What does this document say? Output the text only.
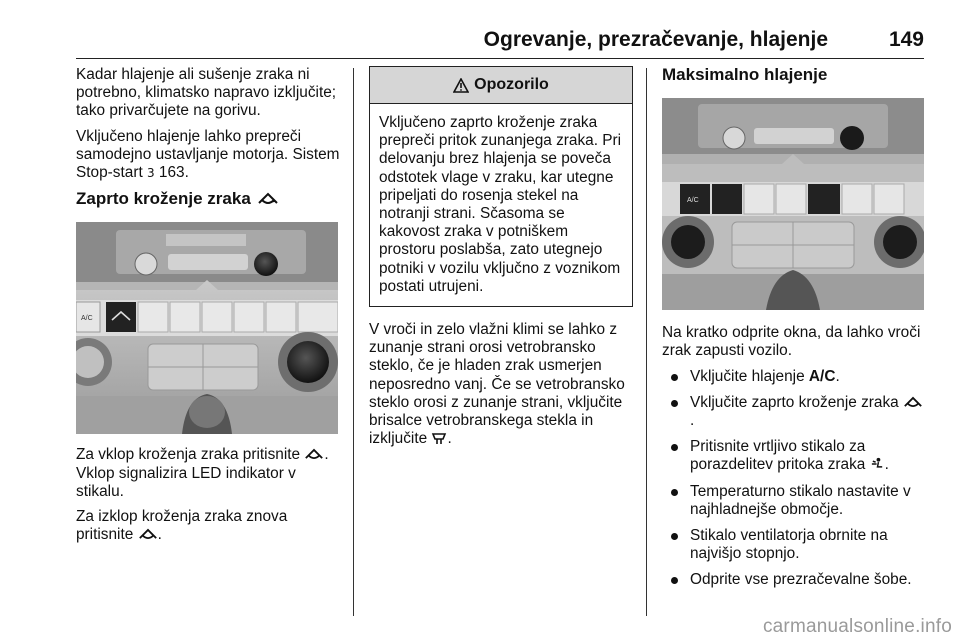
Ogrevanje, prezračevanje, hlajenje	149

Kadar hlajenje ali sušenje zraka ni potrebno, klimatsko napravo izključite; tako privarčujete na gorivu.

Vključeno hlajenje lahko prepreči samodejno ustavljanje motorja. Sistem Stop-start 3 163.

Zaprto kroženje zraka
A/C

Za vklop kroženja zraka pritisnite . Vklop signalizira LED indikator v stikalu.

Za izklop kroženja zraka znova pritisnite .

Opozorilo
Vključeno zaprto kroženje zraka prepreči pritok zunanjega zraka. Pri delovanju brez hlajenja se poveča odstotek vlage v zraku, kar utegne pripeljati do rosenja stekel na notranji strani. Sčasoma se kakovost zraka v potniškem prostoru poslabša, zato utegnejo potniki v vozilu vključno z voznikom postati utrujeni.

V vroči in zelo vlažni klimi se lahko z zunanje strani orosi vetrobransko steklo, če je hladen zrak usmerjen neposredno vanj. Če se vetrobransko steklo orosi z zunanje strani, vključite brisalce vetrobranskega stekla in izključite .

Maksimalno hlajenje
A/C

Na kratko odprite okna, da lahko vroči zrak zapusti vozilo.

Vključite hlajenje A/C.
Vključite zaprto kroženje zraka .
Pritisnite vrtljivo stikalo za porazdelitev pritoka zraka .
Temperaturno stikalo nastavite v najhladnejše območje.
Stikalo ventilatorja obrnite na najvišjo stopnjo.
Odprite vse prezračevalne šobe.
carmanualsonline.info
